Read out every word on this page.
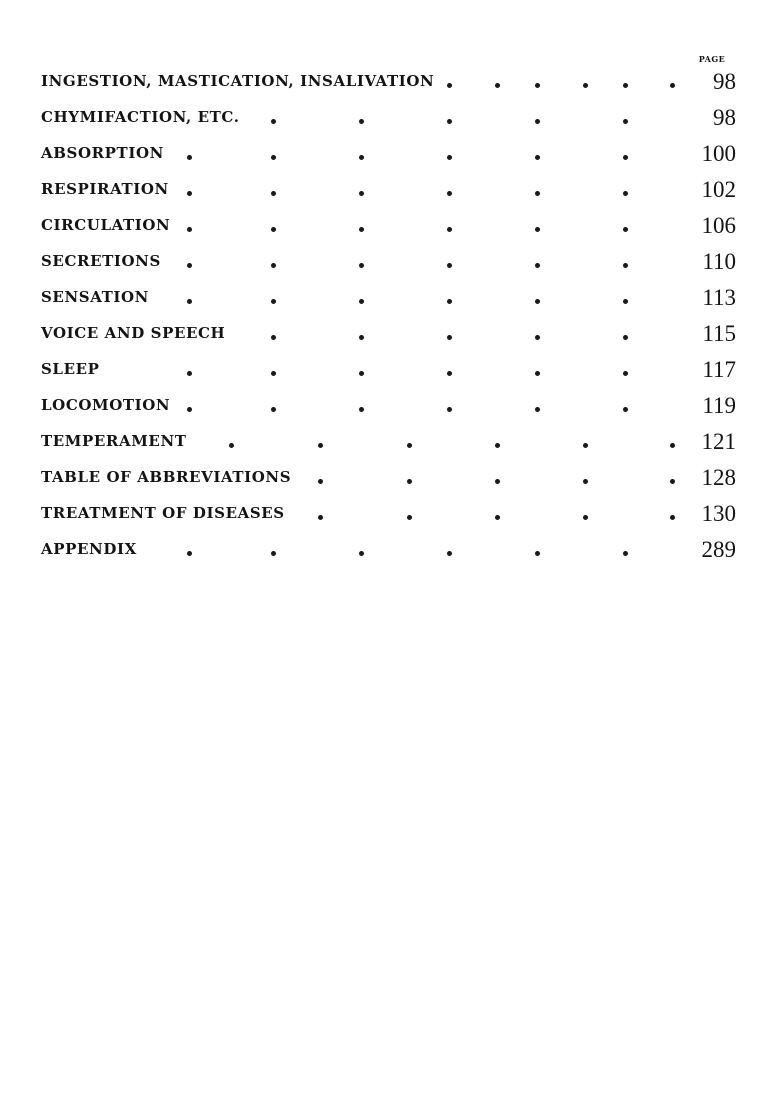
PAGE
INGESTION, MASTICATION, INSALIVATION	98
CHYMIFACTION, ETC.	98
ABSORPTION	100
RESPIRATION	102
CIRCULATION	106
SECRETIONS	110
SENSATION	113
VOICE AND SPEECH	115
SLEEP	117
LOCOMOTION	119
TEMPERAMENT	121
TABLE OF ABBREVIATIONS	128
TREATMENT OF DISEASES	130
APPENDIX	289
